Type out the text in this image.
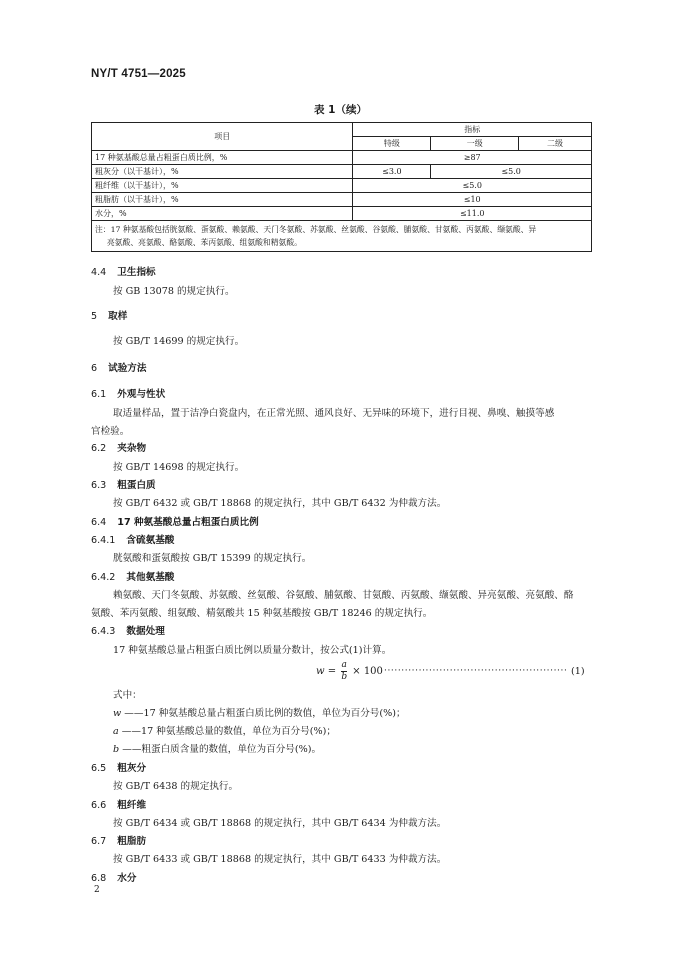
NY/T 4751—2025
表 1（续）
项目	指标		
	特级	一级	二级
17 种氨基酸总量占粗蛋白质比例，%	≥87		
粗灰分（以干基计），%	≤3.0	≤5.0	
粗纤维（以干基计），%	≤5.0		
粗脂肪（以干基计），%	≤10		
水分，%	≤11.0		

注：17 种氨基酸包括胱氨酸、蛋氨酸、赖氨酸、天门冬氨酸、苏氨酸、丝氨酸、谷氨酸、脯氨酸、甘氨酸、丙氨酸、缬氨酸、异
亮氨酸、亮氨酸、酪氨酸、苯丙氨酸、组氨酸和精氨酸。			
4.4 卫生指标
按 GB 13078 的规定执行。
5 取样
按 GB/T 14699 的规定执行。
6 试验方法
6.1 外观与性状
取适量样品，置于洁净白瓷盘内，在正常光照、通风良好、无异味的环境下，进行目视、鼻嗅、触摸等感
官检验。
6.2 夹杂物
按 GB/T 14698 的规定执行。
6.3 粗蛋白质
按 GB/T 6432 或 GB/T 18868 的规定执行，其中 GB/T 6432 为仲裁方法。
6.4 17 种氨基酸总量占粗蛋白质比例
6.4.1 含硫氨基酸
胱氨酸和蛋氨酸按 GB/T 15399 的规定执行。
6.4.2 其他氨基酸
赖氨酸、天门冬氨酸、苏氨酸、丝氨酸、谷氨酸、脯氨酸、甘氨酸、丙氨酸、缬氨酸、异亮氨酸、亮氨酸、酪
氨酸、苯丙氨酸、组氨酸、精氨酸共 15 种氨基酸按 GB/T 18246 的规定执行。
6.4.3 数据处理
17 种氨基酸总量占粗蛋白质比例以质量分数计，按公式(1)计算。
$w = \frac{a}{b} \times 100$ ····················································· (1)
式中：
w ——17 种氨基酸总量占粗蛋白质比例的数值，单位为百分号(%)；
a ——17 种氨基酸总量的数值，单位为百分号(%)；
b ——粗蛋白质含量的数值，单位为百分号(%)。
6.5 粗灰分
按 GB/T 6438 的规定执行。
6.6 粗纤维
按 GB/T 6434 或 GB/T 18868 的规定执行，其中 GB/T 6434 为仲裁方法。
6.7 粗脂肪
按 GB/T 6433 或 GB/T 18868 的规定执行，其中 GB/T 6433 为仲裁方法。
6.8 水分
2
